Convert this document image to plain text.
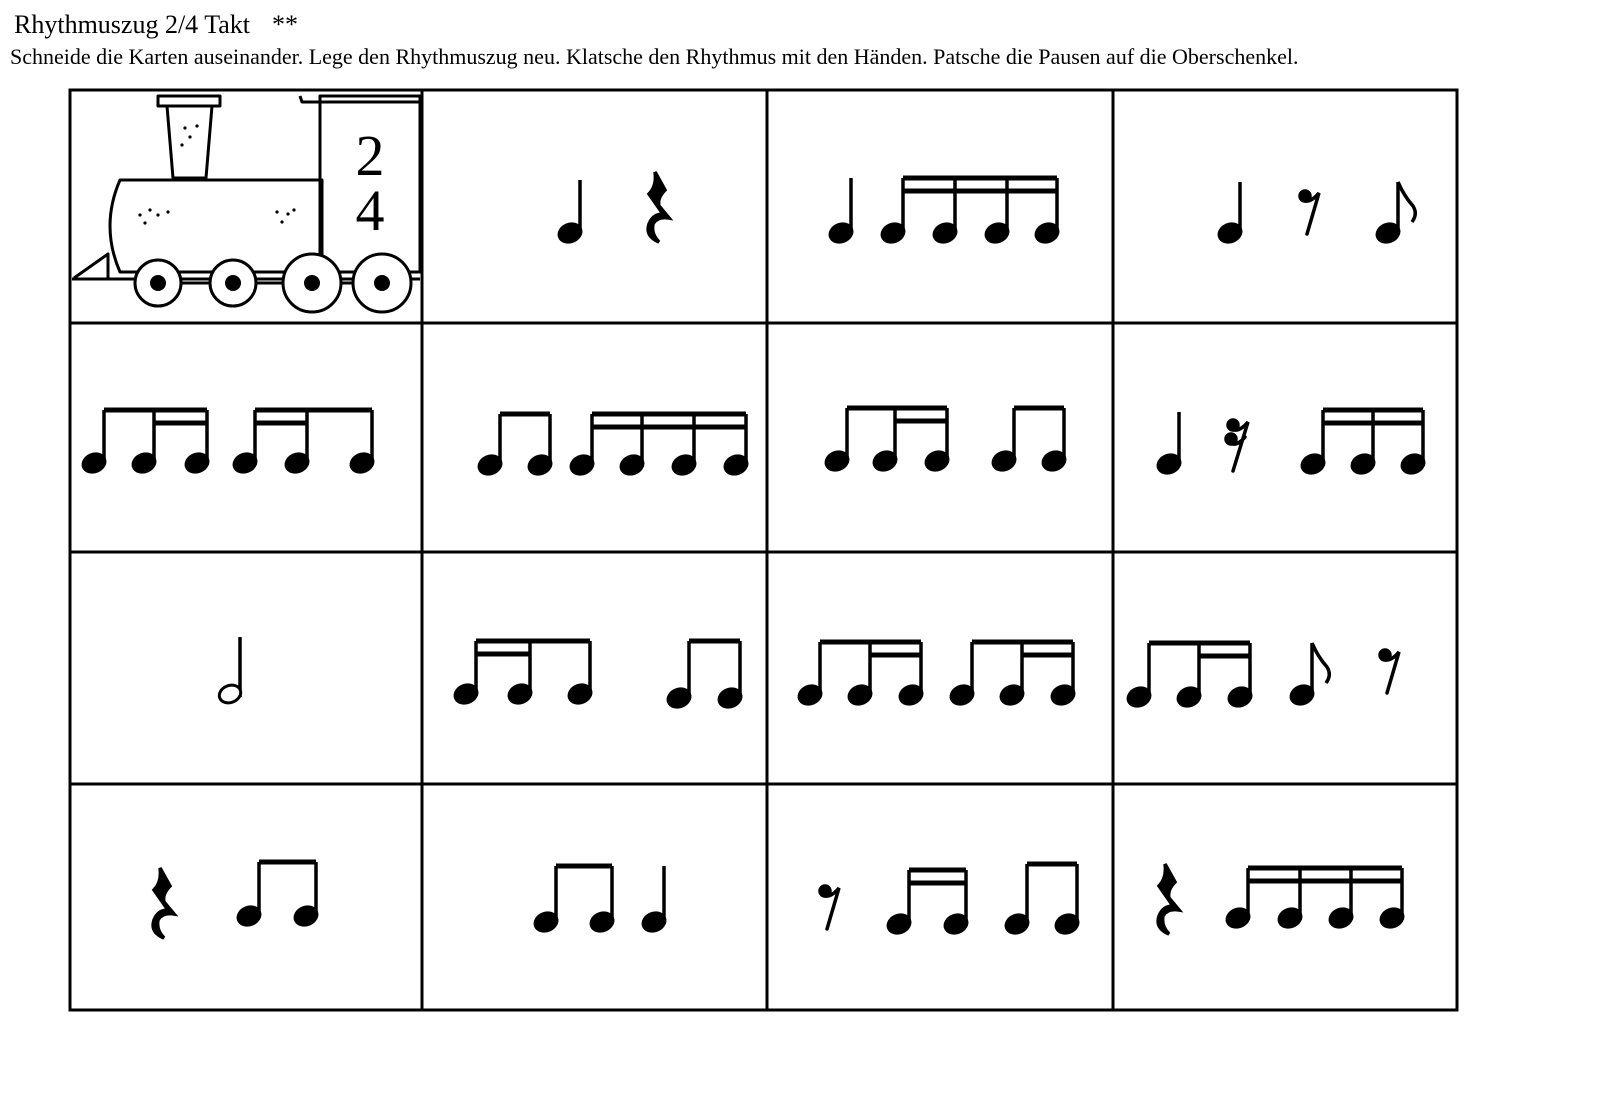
Rhythmuszug 2/4 Takt **

Schneide die Karten auseinander. Lege den Rhythmuszug neu. Klatsche den Rhythmus mit den Händen. Patsche die Pausen auf die Oberschenkel.

2
4
